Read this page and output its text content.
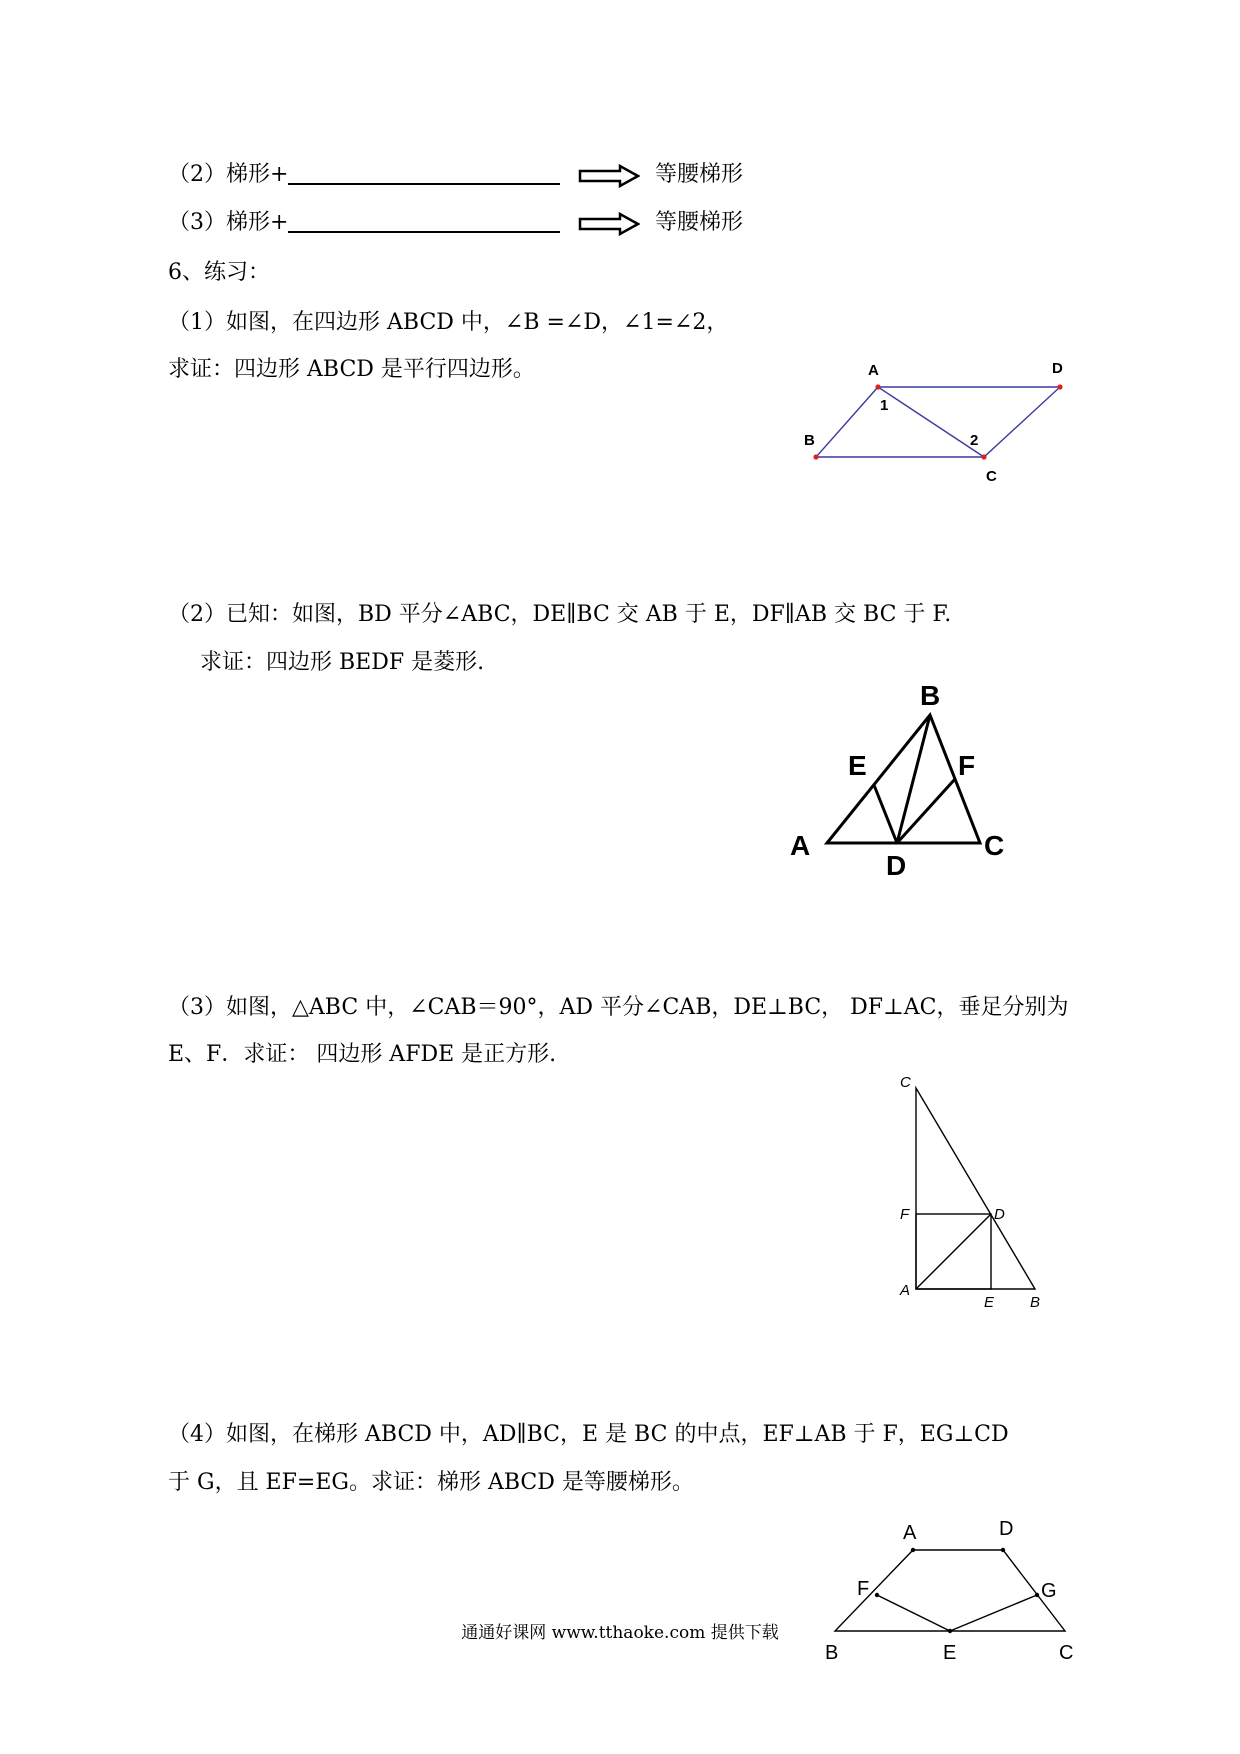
（2）梯形+	等腰梯形
（3）梯形+	等腰梯形
6、练习：
（1）如图，在四边形 ABCD 中，∠B =∠D，∠1=∠2，
求证：四边形 ABCD 是平行四边形。	A	D
B
C
1
2
（2）已知：如图，BD 平分∠ABC，DE∥BC 交 AB 于 E，DF∥AB 交 BC 于 F.
求证：四边形 BEDF 是菱形.
B
E	F
A
D
C
（3）如图，△ABC 中，∠CAB＝90°，AD 平分∠CAB，DE⊥BC， DF⊥AC，垂足分别为
E、F．求证： 四边形 AFDE 是正方形.
C
F	D
A
E B
（4）如图，在梯形 ABCD 中，AD∥BC，E 是 BC 的中点，EF⊥AB 于 F，EG⊥CD
于 G，且 EF=EG。求证：梯形 ABCD 是等腰梯形。
A	D
F	G
B	E	C
通通好课网 www.tthaoke.com 提供下载
